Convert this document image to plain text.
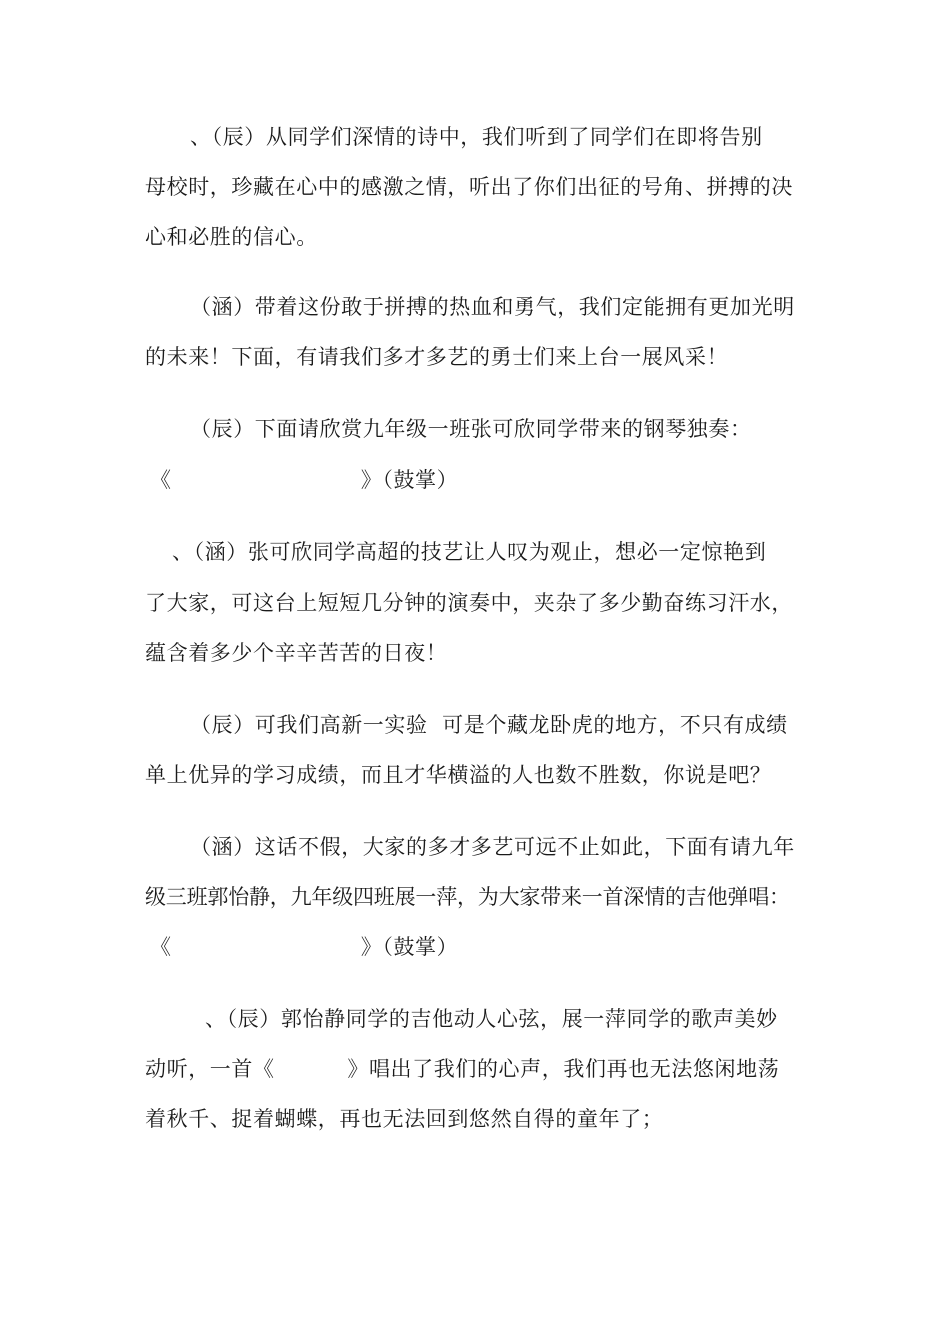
、（辰）从同学们深情的诗中，我们听到了同学们在即将告别
母校时，珍藏在心中的感激之情，听出了你们出征的号角、拼搏的决
心和必胜的信心。
（涵）带着这份敢于拼搏的热血和勇气，我们定能拥有更加光明
的未来！下面，有请我们多才多艺的勇士们来上台一展风采！
（辰）下面请欣赏九年级一班张可欣同学带来的钢琴独奏：
《                          》（鼓掌）
、（涵）张可欣同学高超的技艺让人叹为观止，想必一定惊艳到
了大家，可这台上短短几分钟的演奏中，夹杂了多少勤奋练习汗水，
蕴含着多少个辛辛苦苦的日夜！
（辰）可我们高新一实验  可是个藏龙卧虎的地方，不只有成绩
单上优异的学习成绩，而且才华横溢的人也数不胜数，你说是吧？
（涵）这话不假，大家的多才多艺可远不止如此，下面有请九年
级三班郭怡静，九年级四班展一萍，为大家带来一首深情的吉他弹唱：
《                          》（鼓掌）
、（辰）郭怡静同学的吉他动人心弦，展一萍同学的歌声美妙
动听，一首《          》唱出了我们的心声，我们再也无法悠闲地荡
着秋千、捉着蝴蝶，再也无法回到悠然自得的童年了；
